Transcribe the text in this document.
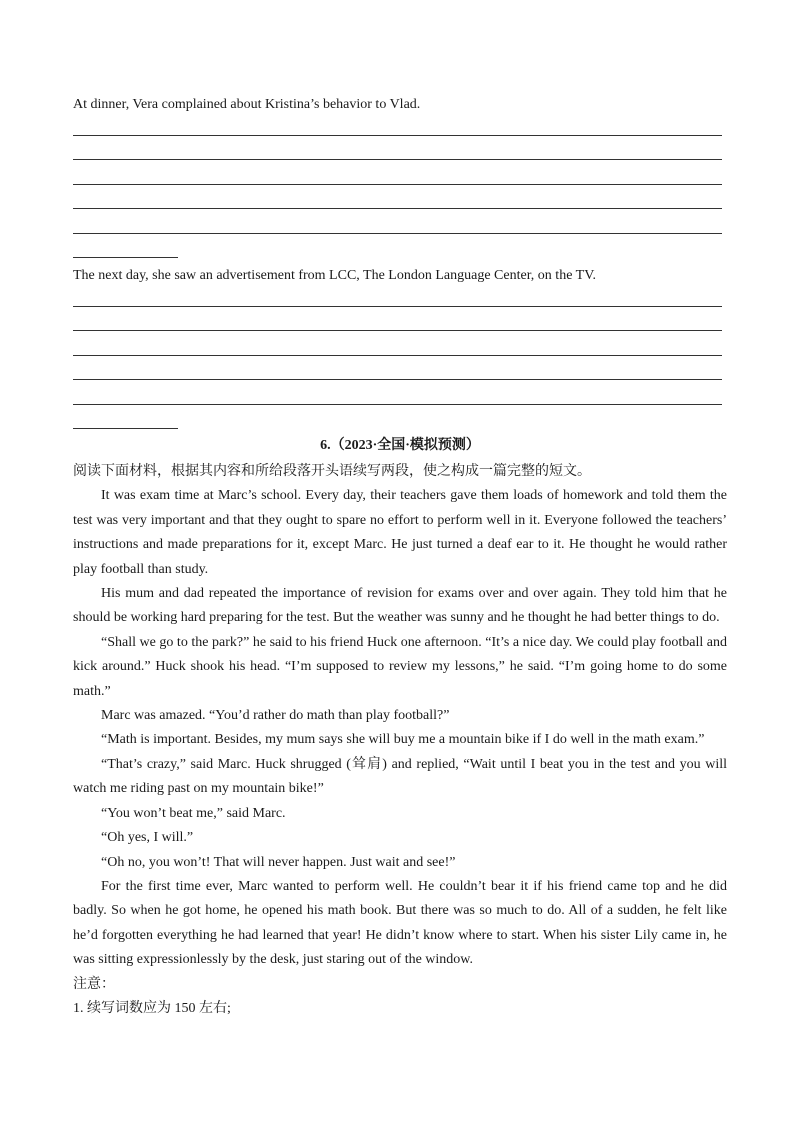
At dinner, Vera complained about Kristina’s behavior to Vlad.
The next day, she saw an advertisement from LCC, The London Language Center, on the TV.
6.（2023·全国·模拟预测）

阅读下面材料，根据其内容和所给段落开头语续写两段，使之构成一篇完整的短文。

It was exam time at Marc’s school. Every day, their teachers gave them loads of homework and told them the test was very important and that they ought to spare no effort to perform well in it. Everyone followed the teachers’ instructions and made preparations for it, except Marc. He just turned a deaf ear to it. He thought he would rather play football than study.

His mum and dad repeated the importance of revision for exams over and over again. They told him that he should be working hard preparing for the test. But the weather was sunny and he thought he had better things to do.

“Shall we go to the park?” he said to his friend Huck one afternoon. “It’s a nice day. We could play football and kick around.” Huck shook his head. “I’m supposed to review my lessons,” he said. “I’m going home to do some math.”

Marc was amazed. “You’d rather do math than play football?”

“Math is important. Besides, my mum says she will buy me a mountain bike if I do well in the math exam.”

“That’s crazy,” said Marc. Huck shrugged (耸肩) and replied, “Wait until I beat you in the test and you will watch me riding past on my mountain bike!”

“You won’t beat me,” said Marc.

“Oh yes, I will.”

“Oh no, you won’t! That will never happen. Just wait and see!”

For the first time ever, Marc wanted to perform well. He couldn’t bear it if his friend came top and he did badly. So when he got home, he opened his math book. But there was so much to do. All of a sudden, he felt like he’d forgotten everything he had learned that year! He didn’t know where to start. When his sister Lily came in, he was sitting expressionlessly by the desk, just staring out of the window.

注意：

1. 续写词数应为 150 左右;
